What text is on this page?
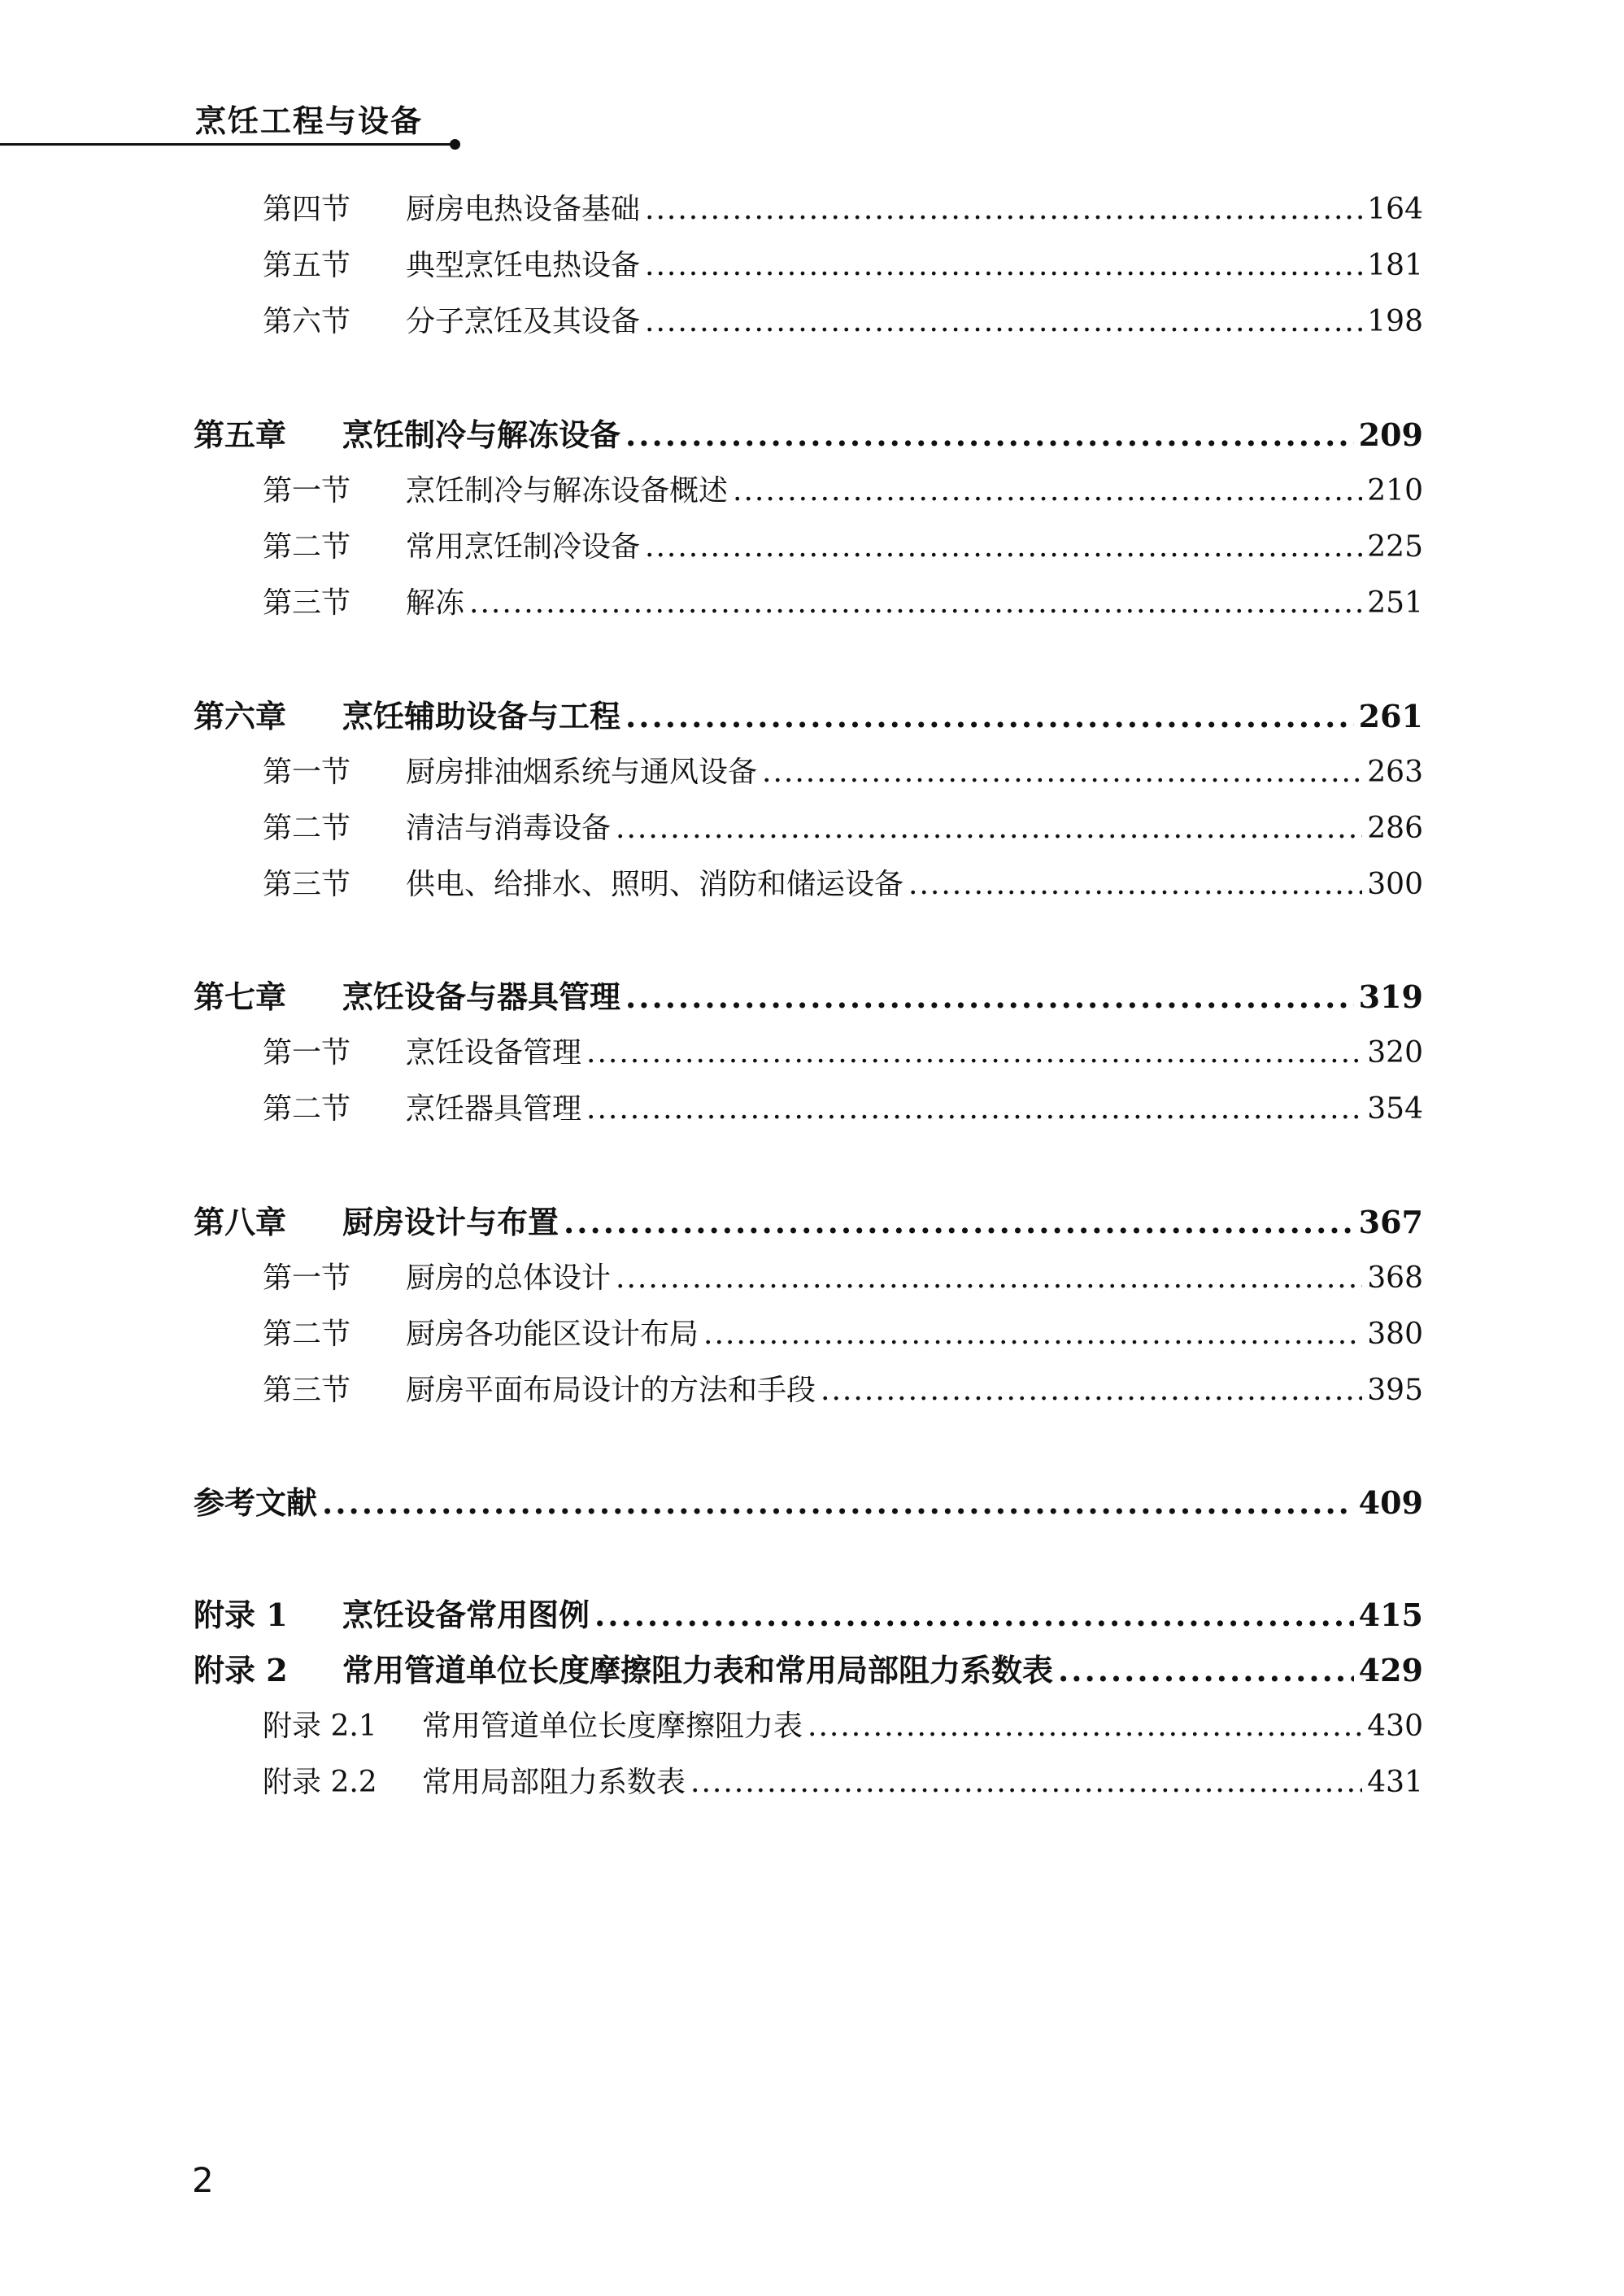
烹饪工程与设备
第四节	厨房电热设备基础 .....	164
第五节	典型烹饪电热设备 .....	181
第六节	分子烹饪及其设备 .....	198
第五章	烹饪制冷与解冻设备 .....	209
第一节	烹饪制冷与解冻设备概述 .....	210
第二节	常用烹饪制冷设备 .....	225
第三节	解冻 .....	251
第六章	烹饪辅助设备与工程 .....	261
第一节	厨房排油烟系统与通风设备 .....	263
第二节	清洁与消毒设备 .....	286
第三节	供电、给排水、照明、消防和储运设备 .....	300
第七章	烹饪设备与器具管理 .....	319
第一节	烹饪设备管理 .....	320
第二节	烹饪器具管理 .....	354
第八章	厨房设计与布置 .....	367
第一节	厨房的总体设计 .....	368
第二节	厨房各功能区设计布局 .....	380
第三节	厨房平面布局设计的方法和手段 .....	395
参考文献 .....	409
附录 1	烹饪设备常用图例 .....	415
附录 2	常用管道单位长度摩擦阻力表和常用局部阻力系数表 .....	429
附录 2.1	常用管道单位长度摩擦阻力表 .....	430
附录 2.2	常用局部阻力系数表 .....	431
2
